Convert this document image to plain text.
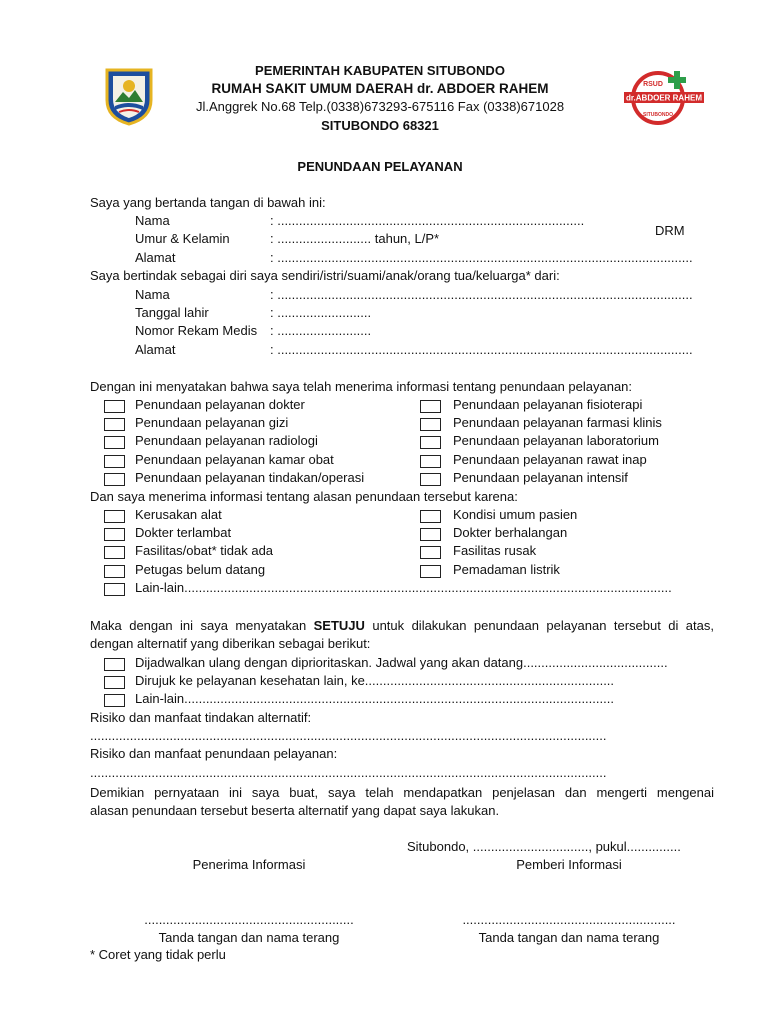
dr.ABDOER RAHEM
RSUD
SITUBONDO
PEMERINTAH KABUPATEN SITUBONDO
RUMAH SAKIT UMUM DAERAH dr. ABDOER RAHEM
Jl.Anggrek No.68 Telp.(0338)673293-675116 Fax (0338)671028
SITUBONDO 68321
PENUNDAAN PELAYANAN
Saya yang bertanda tangan di bawah ini:
Nama	: .....................................................................................
DRM
Umur & Kelamin	: .......................... tahun, L/P*
Alamat	: ...................................................................................................................
Saya bertindak sebagai diri saya sendiri/istri/suami/anak/orang tua/keluarga* dari:
Nama	: ...................................................................................................................
Tanggal lahir	: ..........................
Nomor Rekam Medis : ..........................
Alamat	: ...................................................................................................................
Dengan ini menyatakan bahwa saya telah menerima informasi tentang penundaan pelayanan:
Penundaan pelayanan dokter
Penundaan pelayanan gizi
Penundaan pelayanan radiologi
Penundaan pelayanan kamar obat
Penundaan pelayanan tindakan/operasi
Penundaan pelayanan fisioterapi
Penundaan pelayanan farmasi klinis
Penundaan pelayanan laboratorium
Penundaan pelayanan rawat inap
Penundaan pelayanan intensif
Dan saya menerima informasi tentang alasan penundaan tersebut karena:
Kerusakan alat
Dokter terlambat
Fasilitas/obat* tidak ada
Petugas belum datang
Lain-lain.......................................................................................................................................
Kondisi umum pasien
Dokter berhalangan
Fasilitas rusak
Pemadaman listrik
Maka dengan ini saya menyatakan SETUJU untuk dilakukan penundaan pelayanan tersebut di atas,
dengan alternatif yang diberikan sebagai berikut:
Dijadwalkan ulang dengan diprioritaskan. Jadwal yang akan datang........................................
Dirujuk ke pelayanan kesehatan lain, ke.....................................................................
Lain-lain.......................................................................................................................
Risiko dan manfaat tindakan alternatif:
...............................................................................................................................................
Risiko dan manfaat penundaan pelayanan:
...............................................................................................................................................
Demikian pernyataan ini saya buat, saya telah mendapatkan penjelasan dan mengerti mengenai
alasan penundaan tersebut beserta alternatif yang dapat saya lakukan.
Situbondo, ................................, pukul...............
Penerima Informasi	Pemberi Informasi
..........................................................	...........................................................
Tanda tangan dan nama terang	Tanda tangan dan nama terang
* Coret yang tidak perlu
